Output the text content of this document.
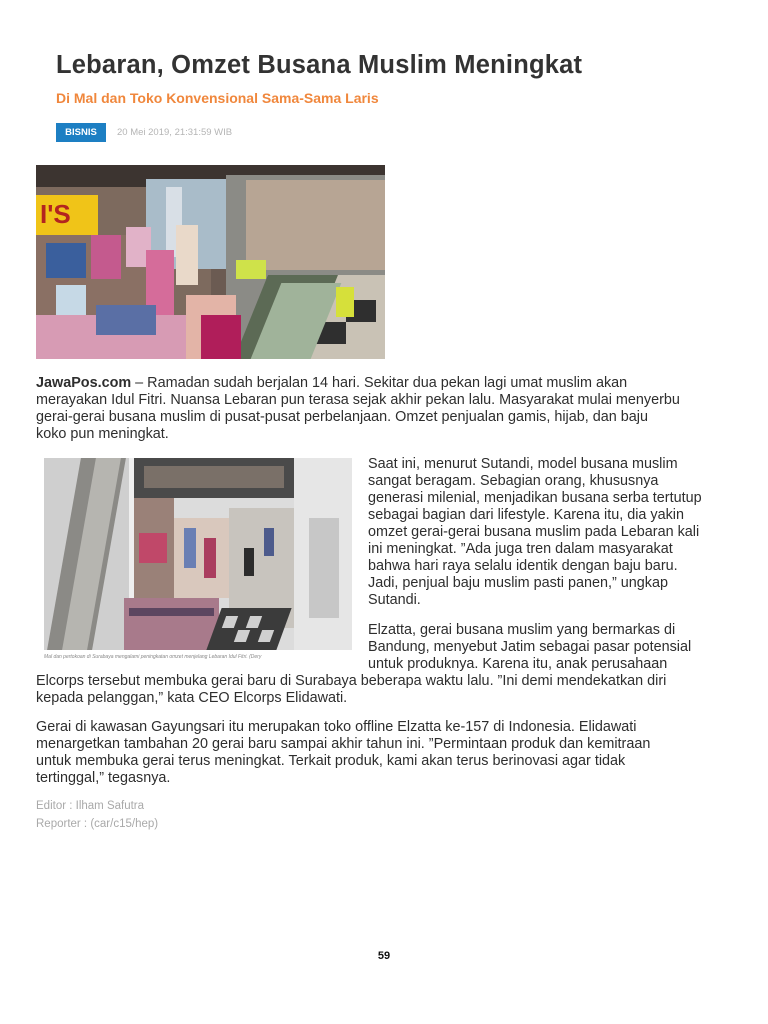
Lebaran, Omzet Busana Muslim Meningkat
Di Mal dan Toko Konvensional Sama-Sama Laris
BISNIS	20 Mei 2019, 21:31:59 WIB
I'S
JawaPos.com – Ramadan sudah berjalan 14 hari. Sekitar dua pekan lagi umat muslim akan
merayakan Idul Fitri. Nuansa Lebaran pun terasa sejak akhir pekan lalu. Masyarakat mulai menyerbu
gerai-gerai busana muslim di pusat-pusat perbelanjaan. Omzet penjualan gamis, hijab, dan baju
koko pun meningkat.
Mal dan pertokoan di Surabaya mengalami peningkatan omzet menjelang Lebaran Idul Fitri. (Dery
Saat ini, menurut Sutandi, model busana muslim
sangat beragam. Sebagian orang, khususnya
generasi milenial, menjadikan busana serba tertutup
sebagai bagian dari lifestyle. Karena itu, dia yakin
omzet gerai-gerai busana muslim pada Lebaran kali
ini meningkat. ”Ada juga tren dalam masyarakat
bahwa hari raya selalu identik dengan baju baru.
Jadi, penjual baju muslim pasti panen,” ungkap
Sutandi.
Elzatta, gerai busana muslim yang bermarkas di
Bandung, menyebut Jatim sebagai pasar potensial
untuk produknya. Karena itu, anak perusahaan
Elcorps tersebut membuka gerai baru di Surabaya beberapa waktu lalu. ”Ini demi mendekatkan diri
kepada pelanggan,” kata CEO Elcorps Elidawati.
Gerai di kawasan Gayungsari itu merupakan toko offline Elzatta ke-157 di Indonesia. Elidawati
menargetkan tambahan 20 gerai baru sampai akhir tahun ini. ”Permintaan produk dan kemitraan
untuk membuka gerai terus meningkat. Terkait produk, kami akan terus berinovasi agar tidak
tertinggal,” tegasnya.
Editor : Ilham Safutra
Reporter : (car/c15/hep)
59
